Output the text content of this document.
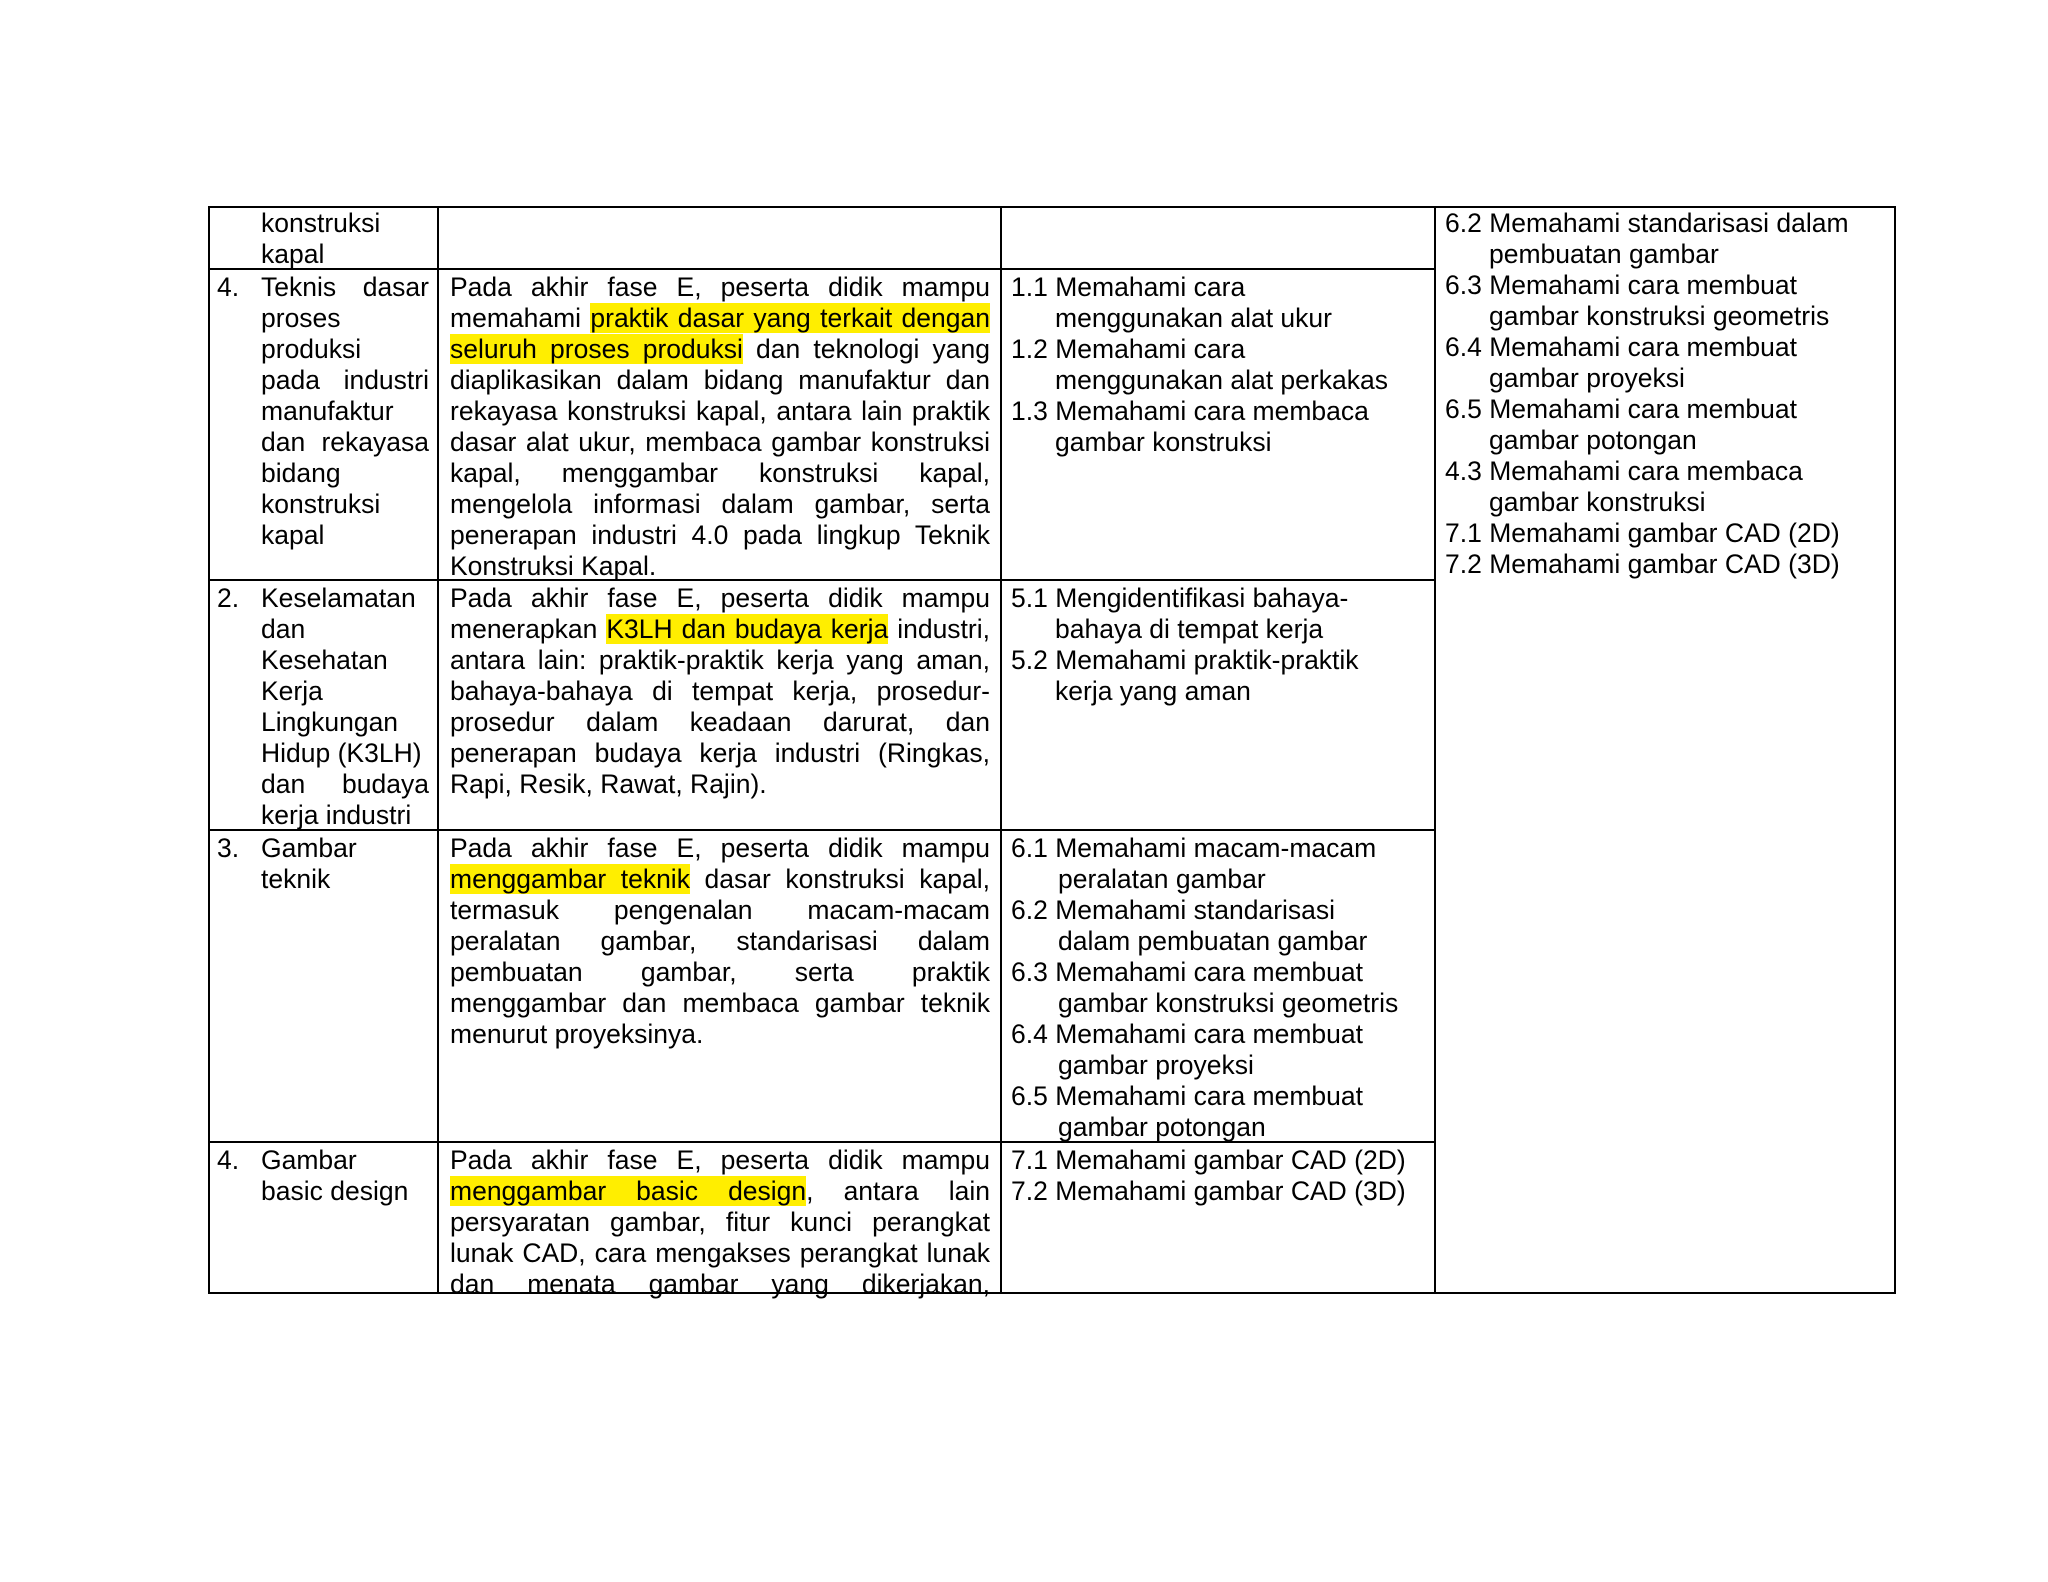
konstruksi
kapal
4. Teknis dasar
proses
produksi
pada industri
manufaktur
dan rekayasa
bidang
konstruksi
kapal
Pada akhir fase E, peserta didik mampu
memahami praktik dasar yang terkait dengan
seluruh proses produksi dan teknologi yang
diaplikasikan dalam bidang manufaktur dan
rekayasa konstruksi kapal, antara lain praktik
dasar alat ukur, membaca gambar konstruksi
kapal, menggambar konstruksi kapal,
mengelola informasi dalam gambar, serta
penerapan industri 4.0 pada lingkup Teknik
Konstruksi Kapal.
1.1 Memahami cara
menggunakan alat ukur
1.2 Memahami cara
menggunakan alat perkakas
1.3 Memahami cara membaca
gambar konstruksi
2. Keselamatan
dan
Kesehatan
Kerja
Lingkungan
Hidup (K3LH)
dan budaya
kerja industri
Pada akhir fase E, peserta didik mampu
menerapkan K3LH dan budaya kerja industri,
antara lain: praktik-praktik kerja yang aman,
bahaya-bahaya di tempat kerja, prosedur-
prosedur dalam keadaan darurat, dan
penerapan budaya kerja industri (Ringkas,
Rapi, Resik, Rawat, Rajin).
5.1 Mengidentifikasi bahaya-
bahaya di tempat kerja
5.2 Memahami praktik-praktik
kerja yang aman
3. Gambar
teknik
Pada akhir fase E, peserta didik mampu
menggambar teknik dasar konstruksi kapal,
termasuk pengenalan macam-macam
peralatan gambar, standarisasi dalam
pembuatan gambar, serta praktik
menggambar dan membaca gambar teknik
menurut proyeksinya.
6.1 Memahami macam-macam
peralatan gambar
6.2 Memahami standarisasi
dalam pembuatan gambar
6.3 Memahami cara membuat
gambar konstruksi geometris
6.4 Memahami cara membuat
gambar proyeksi
6.5 Memahami cara membuat
gambar potongan
4. Gambar
basic design
Pada akhir fase E, peserta didik mampu
menggambar basic design, antara lain
persyaratan gambar, fitur kunci perangkat
lunak CAD, cara mengakses perangkat lunak
dan menata gambar yang dikerjakan,
7.1 Memahami gambar CAD (2D)
7.2 Memahami gambar CAD (3D)
6.2 Memahami standarisasi dalam
pembuatan gambar
6.3 Memahami cara membuat
gambar konstruksi geometris
6.4 Memahami cara membuat
gambar proyeksi
6.5 Memahami cara membuat
gambar potongan
4.3 Memahami cara membaca
gambar konstruksi
7.1 Memahami gambar CAD (2D)
7.2 Memahami gambar CAD (3D)
